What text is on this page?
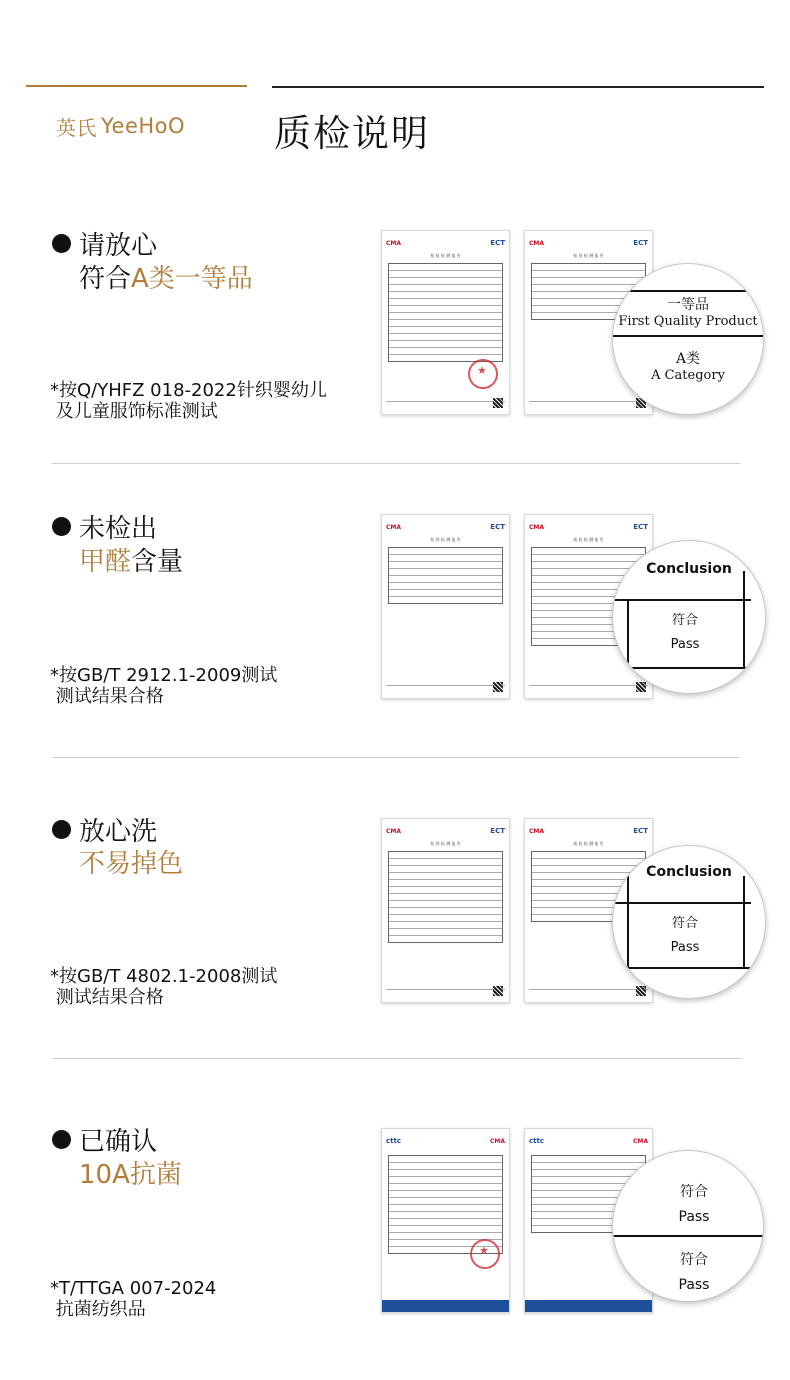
英氏 YeeHoO 质检说明
请放心
符合A类一等品
*按Q/YHFZ 018-2022针织婴幼儿
及儿童服饰标准测试
CMA	ECT
检 验 检 测 报 告
★
CMA	ECT
检 验 检 测 报 告
一等品
First Quality Product
A类
A Category
未检出
甲醛含量
*按GB/T 2912.1-2009测试
测试结果合格
CMA	ECT
检 验 检 测 报 告
CMA	ECT
检 验 检 测 报 告
Conclusion
符合
Pass
放心洗
不易掉色
*按GB/T 4802.1-2008测试
测试结果合格
CMA	ECT
检 验 检 测 报 告
CMA	ECT
检 验 检 测 报 告
Conclusion
符合
Pass
已确认
10A抗菌
*T/TTGA 007-2024
抗菌纺织品
cttc	CMA
★	cttc	CMA
符合
Pass
符合
Pass
